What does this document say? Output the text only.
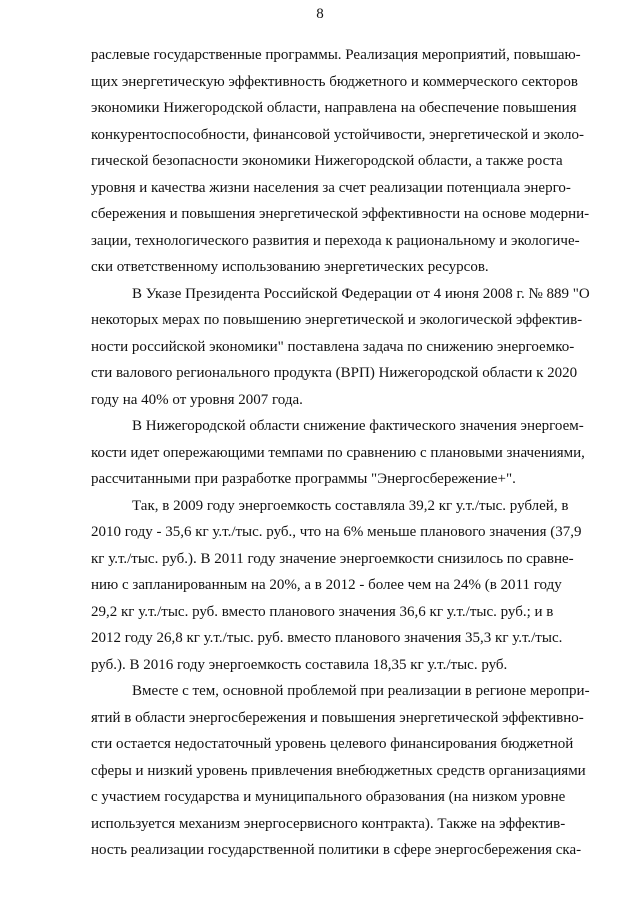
8
раслевые государственные программы. Реализация мероприятий, повышаю-
щих энергетическую эффективность бюджетного и коммерческого секторов
экономики Нижегородской области, направлена на обеспечение повышения
конкурентоспособности, финансовой устойчивости, энергетической и эколо-
гической безопасности экономики Нижегородской области, а также роста
уровня и качества жизни населения за счет реализации потенциала энерго-
сбережения и повышения энергетической эффективности на основе модерни-
зации, технологического развития и перехода к рациональному и экологиче-
ски ответственному использованию энергетических ресурсов.
В Указе Президента Российской Федерации от 4 июня 2008 г. № 889 "О
некоторых мерах по повышению энергетической и экологической эффектив-
ности российской экономики" поставлена задача по снижению энергоемко-
сти валового регионального продукта (ВРП) Нижегородской области к 2020
году на 40% от уровня 2007 года.
В Нижегородской области снижение фактического значения энергоем-
кости идет опережающими темпами по сравнению с плановыми значениями,
рассчитанными при разработке программы "Энергосбережение+".
Так, в 2009 году энергоемкость составляла 39,2 кг у.т./тыс. рублей, в
2010 году - 35,6 кг у.т./тыс. руб., что на 6% меньше планового значения (37,9
кг у.т./тыс. руб.). В 2011 году значение энергоемкости снизилось по сравне-
нию с запланированным на 20%, а в 2012 - более чем на 24% (в 2011 году
29,2 кг у.т./тыс. руб. вместо планового значения 36,6 кг у.т./тыс. руб.; и в
2012 году 26,8 кг у.т./тыс. руб. вместо планового значения 35,3 кг у.т./тыс.
руб.). В 2016 году энергоемкость составила 18,35 кг у.т./тыс. руб.
Вместе с тем, основной проблемой при реализации в регионе меропри-
ятий в области энергосбережения и повышения энергетической эффективно-
сти остается недостаточный уровень целевого финансирования бюджетной
сферы и низкий уровень привлечения внебюджетных средств организациями
с участием государства и муниципального образования (на низком уровне
используется механизм энергосервисного контракта). Также на эффектив-
ность реализации государственной политики в сфере энергосбережения ска-
